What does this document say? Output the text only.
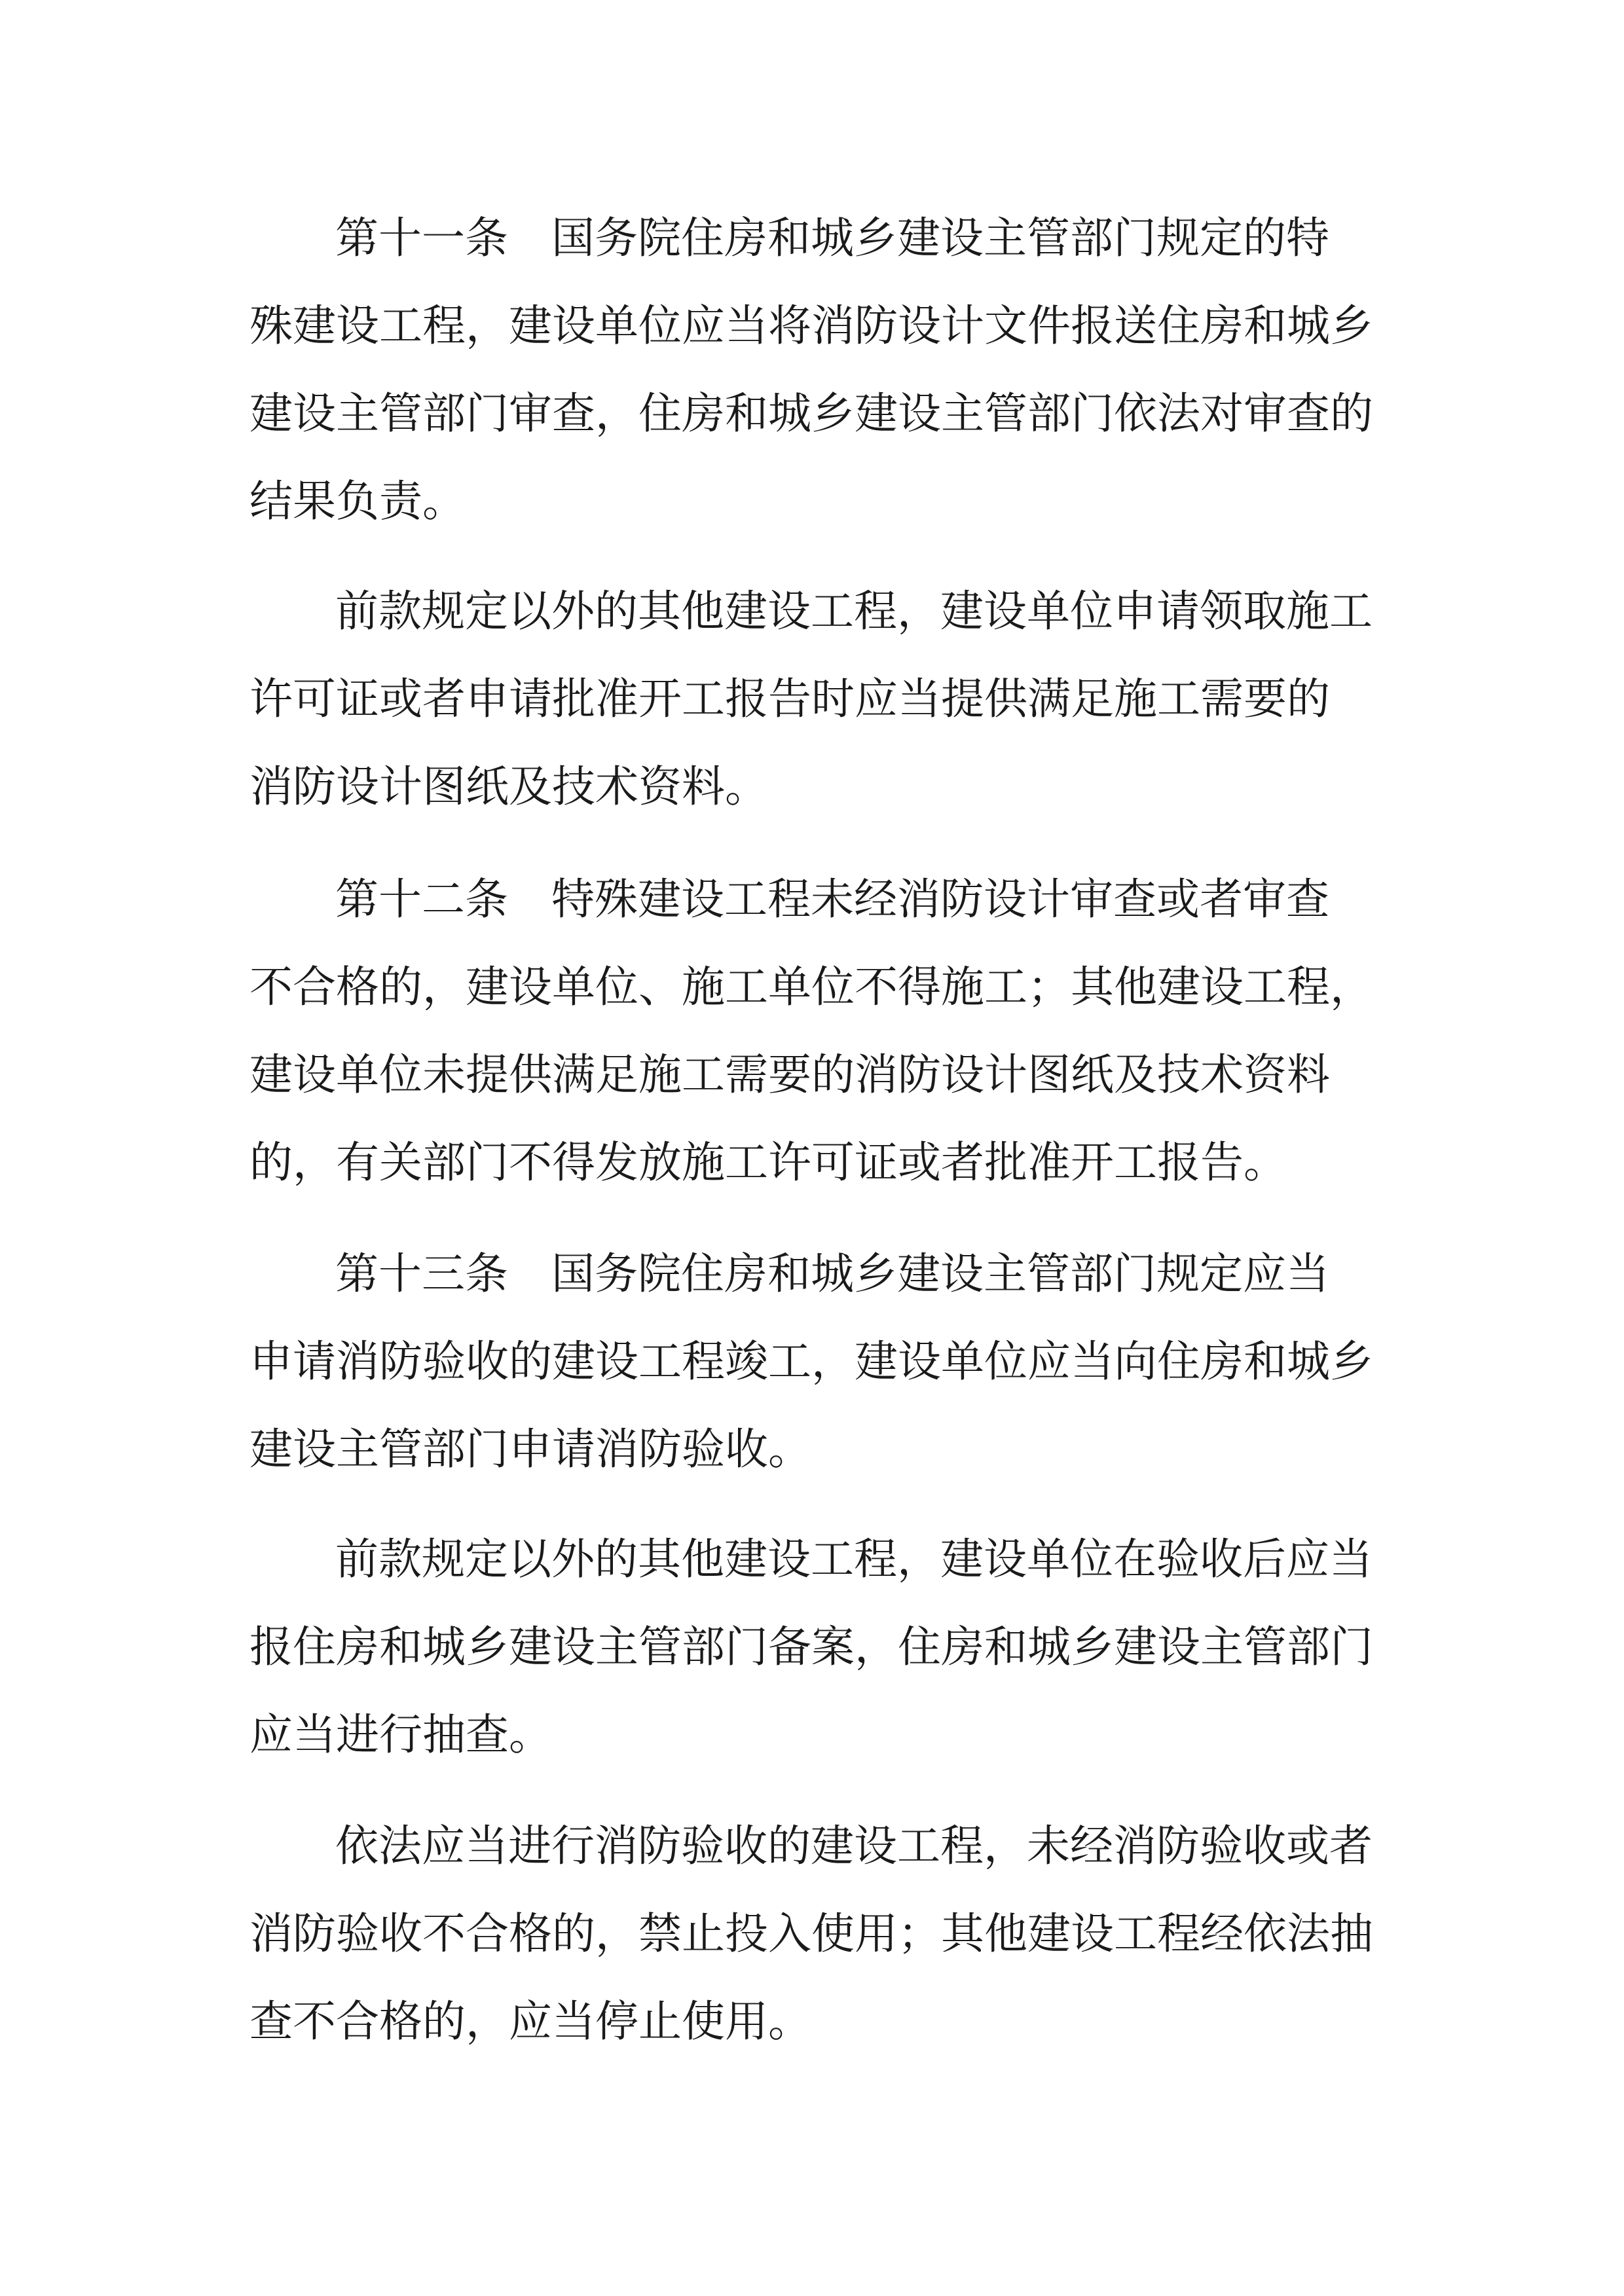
第十一条 国务院住房和城乡建设主管部门规定的特
殊建设工程，建设单位应当将消防设计文件报送住房和城乡
建设主管部门审查，住房和城乡建设主管部门依法对审查的
结果负责。
前款规定以外的其他建设工程，建设单位申请领取施工
许可证或者申请批准开工报告时应当提供满足施工需要的
消防设计图纸及技术资料。
第十二条 特殊建设工程未经消防设计审查或者审查
不合格的，建设单位、施工单位不得施工；其他建设工程，
建设单位未提供满足施工需要的消防设计图纸及技术资料
的，有关部门不得发放施工许可证或者批准开工报告。
第十三条 国务院住房和城乡建设主管部门规定应当
申请消防验收的建设工程竣工，建设单位应当向住房和城乡
建设主管部门申请消防验收。
前款规定以外的其他建设工程，建设单位在验收后应当
报住房和城乡建设主管部门备案，住房和城乡建设主管部门
应当进行抽查。
依法应当进行消防验收的建设工程，未经消防验收或者
消防验收不合格的，禁止投入使用；其他建设工程经依法抽
查不合格的，应当停止使用。
